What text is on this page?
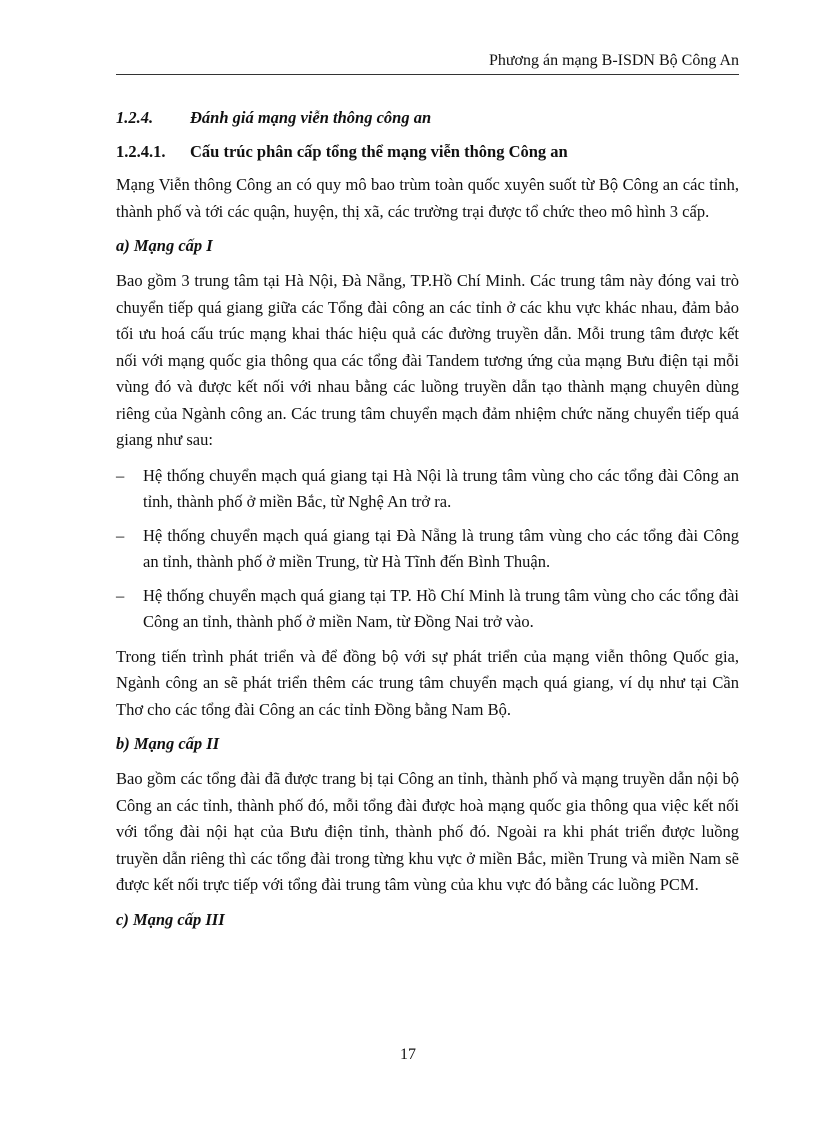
Phương án mạng B-ISDN Bộ Công An
1.2.4. Đánh giá mạng viễn thông công an
1.2.4.1. Cấu trúc phân cấp tổng thể mạng viễn thông Công an

Mạng Viễn thông Công an có quy mô bao trùm toàn quốc xuyên suốt từ Bộ Công an các tỉnh, thành phố và tới các quận, huyện, thị xã, các trường trại được tổ chức theo mô hình 3 cấp.

a) Mạng cấp I

Bao gồm 3 trung tâm tại Hà Nội, Đà Nẵng, TP.Hồ Chí Minh. Các trung tâm này đóng vai trò chuyển tiếp quá giang giữa các Tổng đài công an các tỉnh ở các khu vực khác nhau, đảm bảo tối ưu hoá cấu trúc mạng khai thác hiệu quả các đường truyền dẫn. Mỗi trung tâm được kết nối với mạng quốc gia thông qua các tổng đài Tandem tương ứng của mạng Bưu điện tại mỗi vùng đó và được kết nối với nhau bằng các luồng truyền dẫn tạo thành mạng chuyên dùng riêng của Ngành công an. Các trung tâm chuyển mạch đảm nhiệm chức năng chuyển tiếp quá giang như sau:

– Hệ thống chuyển mạch quá giang tại Hà Nội là trung tâm vùng cho các tổng đài Công an tỉnh, thành phố ở miền Bắc, từ Nghệ An trở ra.
– Hệ thống chuyển mạch quá giang tại Đà Nẵng là trung tâm vùng cho các tổng đài Công an tỉnh, thành phố ở miền Trung, từ Hà Tĩnh đến Bình Thuận.
– Hệ thống chuyển mạch quá giang tại TP. Hồ Chí Minh là trung tâm vùng cho các tổng đài Công an tỉnh, thành phố ở miền Nam, từ Đồng Nai trở vào.

Trong tiến trình phát triển và để đồng bộ với sự phát triển của mạng viễn thông Quốc gia, Ngành công an sẽ phát triển thêm các trung tâm chuyển mạch quá giang, ví dụ như tại Cần Thơ cho các tổng đài Công an các tỉnh Đồng bằng Nam Bộ.

b) Mạng cấp II

Bao gồm các tổng đài đã được trang bị tại Công an tỉnh, thành phố và mạng truyền dẫn nội bộ Công an các tỉnh, thành phố đó, mỗi tổng đài được hoà mạng quốc gia thông qua việc kết nối với tổng đài nội hạt của Bưu điện tỉnh, thành phố đó. Ngoài ra khi phát triển được luồng truyền dẫn riêng thì các tổng đài trong từng khu vực ở miền Bắc, miền Trung và miền Nam sẽ được kết nối trực tiếp với tổng đài trung tâm vùng của khu vực đó bằng các luồng PCM.

c) Mạng cấp III
17
